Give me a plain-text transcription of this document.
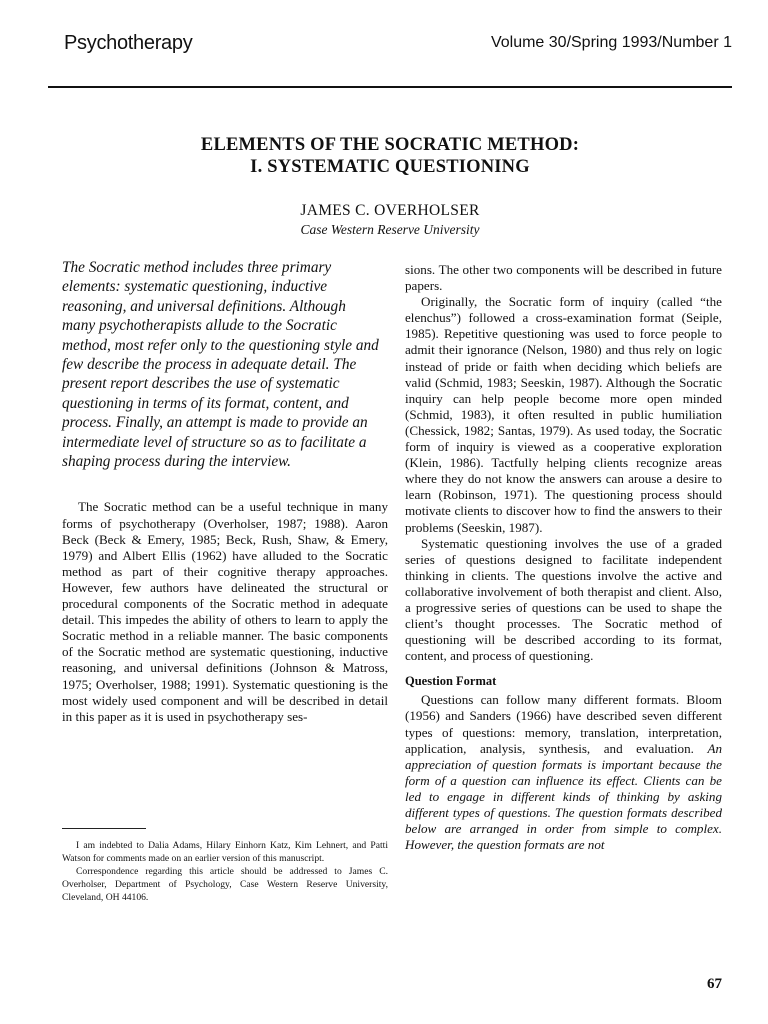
Psychotherapy	Volume 30/Spring 1993/Number 1
ELEMENTS OF THE SOCRATIC METHOD:
I. SYSTEMATIC QUESTIONING
JAMES C. OVERHOLSER
Case Western Reserve University

The Socratic method includes three primary elements: systematic questioning, inductive reasoning, and universal definitions. Although many psychotherapists allude to the Socratic method, most refer only to the questioning style and few describe the process in adequate detail. The present report describes the use of systematic questioning in terms of its format, content, and process. Finally, an attempt is made to provide an intermediate level of structure so as to facilitate a shaping process during the interview.

The Socratic method can be a useful technique in many forms of psychotherapy (Overholser, 1987; 1988). Aaron Beck (Beck & Emery, 1985; Beck, Rush, Shaw, & Emery, 1979) and Albert Ellis (1962) have alluded to the Socratic method as part of their cognitive therapy approaches. However, few authors have delineated the structural or procedural components of the Socratic method in adequate detail. This impedes the ability of others to learn to apply the Socratic method in a reliable manner. The basic components of the Socratic method are systematic questioning, inductive reasoning, and universal definitions (Johnson & Matross, 1975; Overholser, 1988; 1991). Systematic questioning is the most widely used component and will be described in detail in this paper as it is used in psychotherapy ses-

sions. The other two components will be described in future papers.

Originally, the Socratic form of inquiry (called “the elenchus”) followed a cross-examination format (Seiple, 1985). Repetitive questioning was used to force people to admit their ignorance (Nelson, 1980) and thus rely on logic instead of pride or faith when deciding which beliefs are valid (Schmid, 1983; Seeskin, 1987). Although the Socratic inquiry can help people become more open minded (Schmid, 1983), it often resulted in public humiliation (Chessick, 1982; Santas, 1979). As used today, the Socratic form of inquiry is viewed as a cooperative exploration (Klein, 1986). Tactfully helping clients recognize areas where they do not know the answers can arouse a desire to learn (Robinson, 1971). The questioning process should motivate clients to discover how to find the answers to their problems (Seeskin, 1987).

Systematic questioning involves the use of a graded series of questions designed to facilitate independent thinking in clients. The questions involve the active and collaborative involvement of both therapist and client. Also, a progressive series of questions can be used to shape the client’s thought processes. The Socratic method of questioning will be described according to its format, content, and process of questioning.

Question Format

Questions can follow many different formats. Bloom (1956) and Sanders (1966) have described seven different types of questions: memory, translation, interpretation, application, analysis, synthesis, and evaluation. An appreciation of question formats is important because the form of a question can influence its effect. Clients can be led to engage in different kinds of thinking by asking different types of questions. The question formats described below are arranged in order from simple to complex. However, the question formats are not

I am indebted to Dalia Adams, Hilary Einhorn Katz, Kim Lehnert, and Patti Watson for comments made on an earlier version of this manuscript.

Correspondence regarding this article should be addressed to James C. Overholser, Department of Psychology, Case Western Reserve University, Cleveland, OH 44106.

67
